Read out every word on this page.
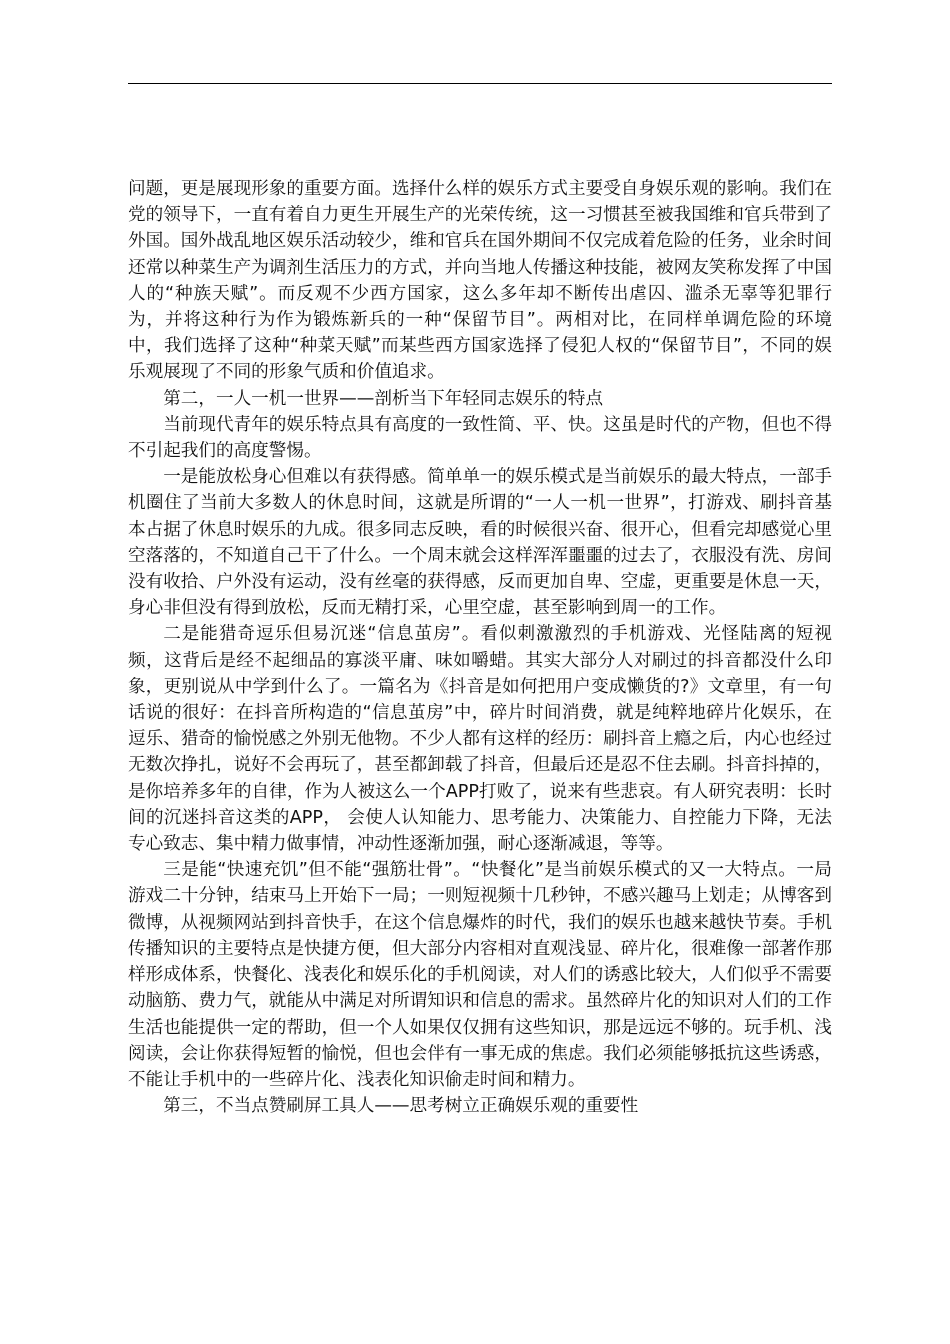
问题，更是展现形象的重要方面。选择什么样的娱乐方式主要受自身娱乐观的影响。我们在党的领导下，一直有着自力更生开展生产的光荣传统，这一习惯甚至被我国维和官兵带到了外国。国外战乱地区娱乐活动较少，维和官兵在国外期间不仅完成着危险的任务，业余时间还常以种菜生产为调剂生活压力的方式，并向当地人传播这种技能，被网友笑称发挥了中国人的“种族天赋”。而反观不少西方国家，这么多年却不断传出虐囚、滥杀无辜等犯罪行为，并将这种行为作为锻炼新兵的一种“保留节目”。两相对比，在同样单调危险的环境中，我们选择了这种“种菜天赋”而某些西方国家选择了侵犯人权的“保留节目”，不同的娱乐观展现了不同的形象气质和价值追求。

第二，一人一机一世界——剖析当下年轻同志娱乐的特点

当前现代青年的娱乐特点具有高度的一致性简、平、快。这虽是时代的产物，但也不得不引起我们的高度警惕。

一是能放松身心但难以有获得感。简单单一的娱乐模式是当前娱乐的最大特点，一部手机圈住了当前大多数人的休息时间，这就是所谓的“一人一机一世界”，打游戏、刷抖音基本占据了休息时娱乐的九成。很多同志反映，看的时候很兴奋、很开心，但看完却感觉心里空落落的，不知道自己干了什么。一个周末就会这样浑浑噩噩的过去了，衣服没有洗、房间没有收拾、户外没有运动，没有丝毫的获得感，反而更加自卑、空虚，更重要是休息一天，身心非但没有得到放松，反而无精打采，心里空虚，甚至影响到周一的工作。

二是能猎奇逗乐但易沉迷“信息茧房”。看似刺激激烈的手机游戏、光怪陆离的短视频，这背后是经不起细品的寡淡平庸、味如嚼蜡。其实大部分人对刷过的抖音都没什么印象，更别说从中学到什么了。一篇名为《抖音是如何把用户变成懒货的?》文章里，有一句话说的很好：在抖音所构造的“信息茧房”中，碎片时间消费，就是纯粹地碎片化娱乐，在逗乐、猎奇的愉悦感之外别无他物。不少人都有这样的经历：刷抖音上瘾之后，内心也经过无数次挣扎，说好不会再玩了，甚至都卸载了抖音，但最后还是忍不住去刷。抖音抖掉的，是你培养多年的自律，作为人被这么一个APP打败了，说来有些悲哀。有人研究表明：长时间的沉迷抖音这类的APP， 会使人认知能力、思考能力、决策能力、自控能力下降，无法专心致志、集中精力做事情，冲动性逐渐加强，耐心逐渐减退，等等。

三是能“快速充饥”但不能“强筋壮骨”。“快餐化”是当前娱乐模式的又一大特点。一局游戏二十分钟，结束马上开始下一局；一则短视频十几秒钟，不感兴趣马上划走；从博客到微博，从视频网站到抖音快手，在这个信息爆炸的时代，我们的娱乐也越来越快节奏。手机传播知识的主要特点是快捷方便，但大部分内容相对直观浅显、碎片化，很难像一部著作那样形成体系，快餐化、浅表化和娱乐化的手机阅读，对人们的诱惑比较大，人们似乎不需要动脑筋、费力气，就能从中满足对所谓知识和信息的需求。虽然碎片化的知识对人们的工作生活也能提供一定的帮助，但一个人如果仅仅拥有这些知识，那是远远不够的。玩手机、浅阅读，会让你获得短暂的愉悦，但也会伴有一事无成的焦虑。我们必须能够抵抗这些诱惑，不能让手机中的一些碎片化、浅表化知识偷走时间和精力。

第三，不当点赞刷屏工具人——思考树立正确娱乐观的重要性
